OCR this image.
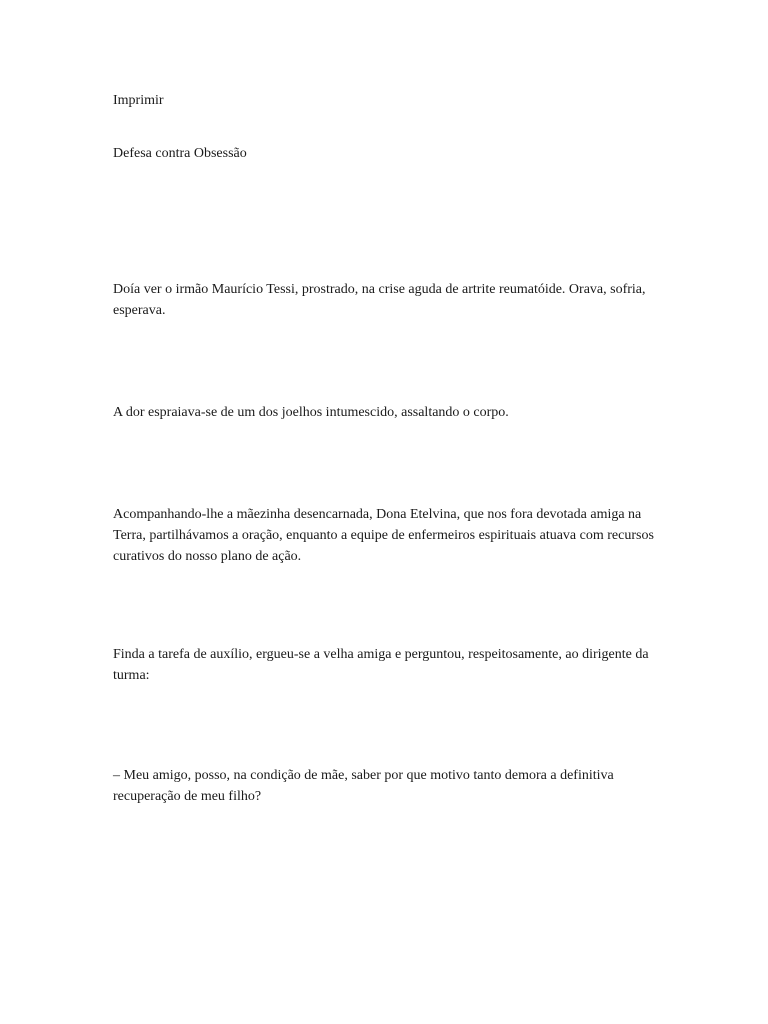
Imprimir

Defesa contra Obsessão

Doía ver o irmão Maurício Tessi, prostrado, na crise aguda de artrite reumatóide. Orava, sofria, esperava.

A dor espraiava-se de um dos joelhos intumescido, assaltando o corpo.

Acompanhando-lhe a mãezinha desencarnada, Dona Etelvina, que nos fora devotada amiga na Terra, partilhávamos a oração, enquanto a equipe de enfermeiros espirituais atuava com recursos curativos do nosso plano de ação.

Finda a tarefa de auxílio, ergueu-se a velha amiga e perguntou, respeitosamente, ao dirigente da turma:

– Meu amigo, posso, na condição de mãe, saber por que motivo tanto demora a definitiva recuperação de meu filho?
